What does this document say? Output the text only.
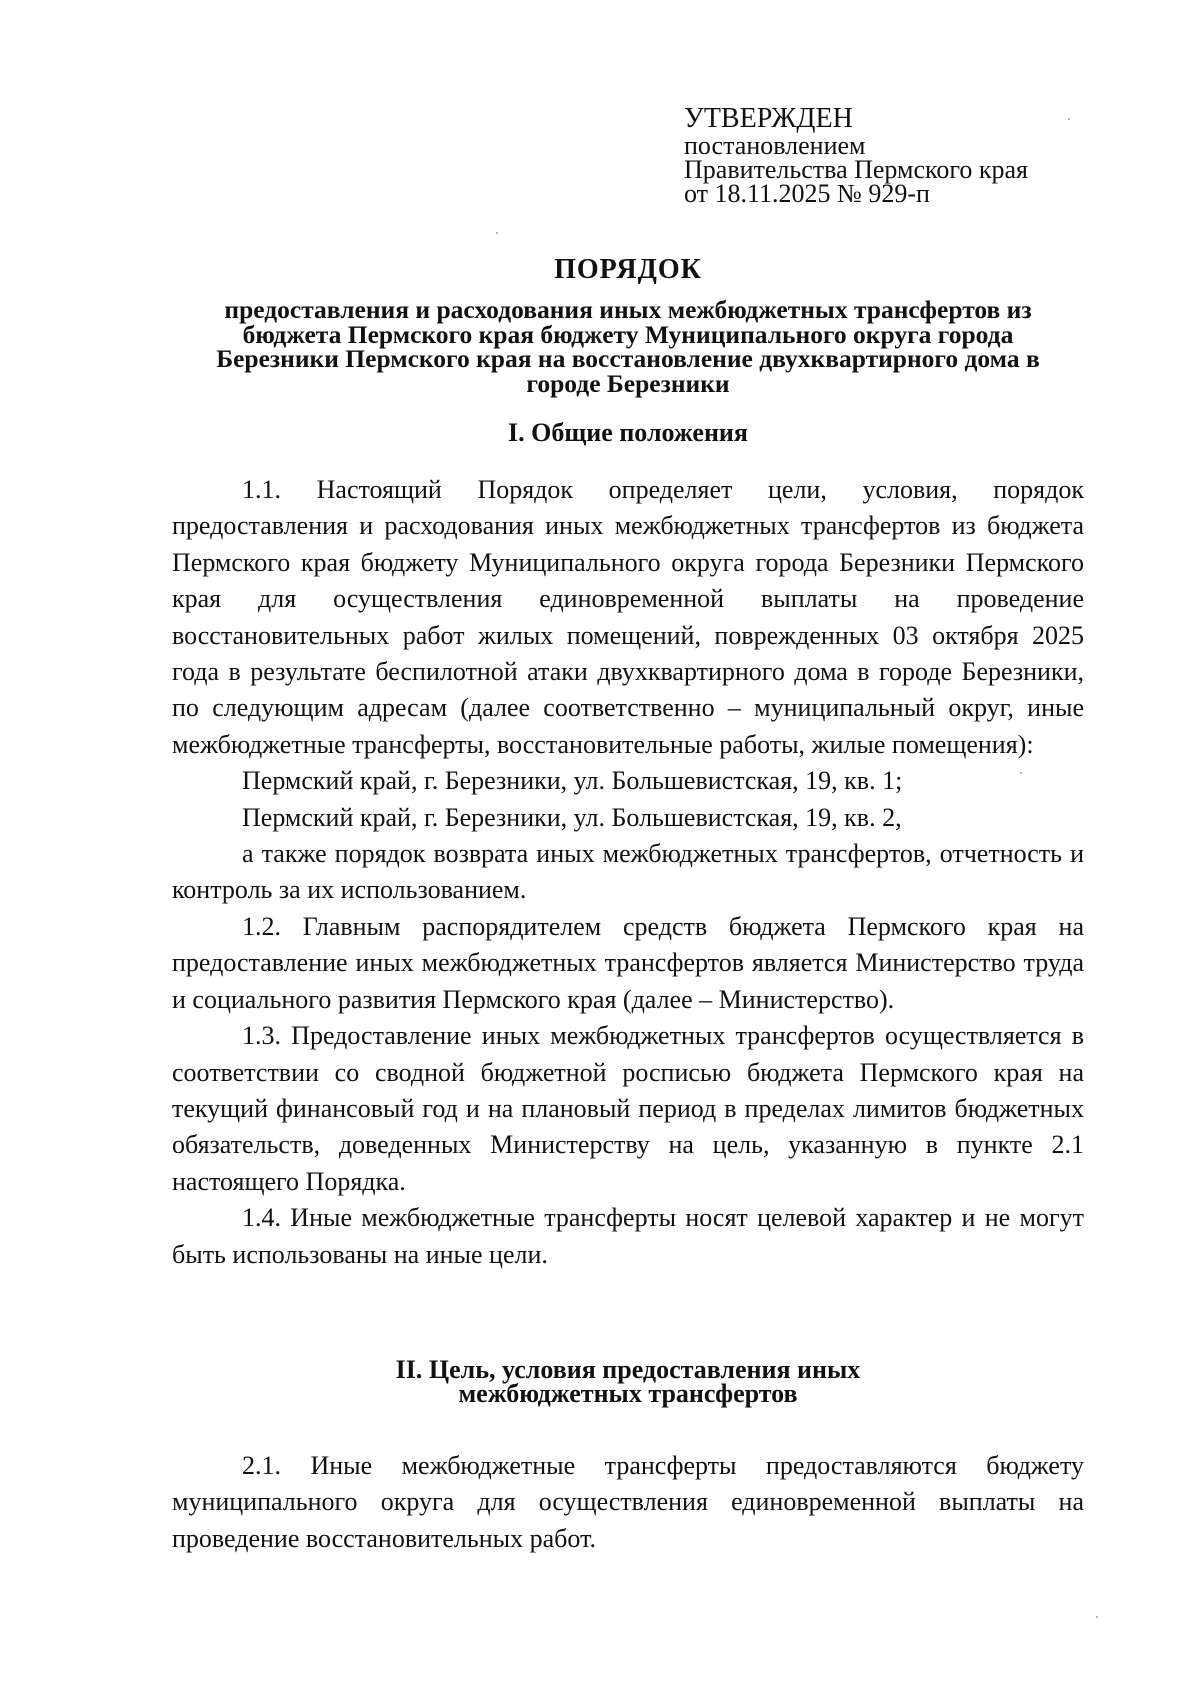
УТВЕРЖДЕН
постановлением
Правительства Пермского края
от 18.11.2025 № 929-п
ПОРЯДОК
предоставления и расходования иных межбюджетных трансфертов из бюджета Пермского края бюджету Муниципального округа города Березники Пермского края на восстановление двухквартирного дома в городе Березники
I. Общие положения

1.1. Настоящий Порядок определяет цели, условия, порядок предоставления и расходования иных межбюджетных трансфертов из бюджета Пермского края бюджету Муниципального округа города Березники Пермского края для осуществления единовременной выплаты на проведение восстановительных работ жилых помещений, поврежденных 03 октября 2025 года в результате беспилотной атаки двухквартирного дома в городе Березники, по следующим адресам (далее соответственно – муниципальный округ, иные межбюджетные трансферты, восстановительные работы, жилые помещения):

Пермский край, г. Березники, ул. Большевистская, 19, кв. 1;

Пермский край, г. Березники, ул. Большевистская, 19, кв. 2,

а также порядок возврата иных межбюджетных трансфертов, отчетность и контроль за их использованием.

1.2. Главным распорядителем средств бюджета Пермского края на предоставление иных межбюджетных трансфертов является Министерство труда и социального развития Пермского края (далее – Министерство).

1.3. Предоставление иных межбюджетных трансфертов осуществляется в соответствии со сводной бюджетной росписью бюджета Пермского края на текущий финансовый год и на плановый период в пределах лимитов бюджетных обязательств, доведенных Министерству на цель, указанную в пункте 2.1 настоящего Порядка.

1.4. Иные межбюджетные трансферты носят целевой характер и не могут быть использованы на иные цели.

II. Цель, условия предоставления иных
межбюджетных трансфертов

2.1. Иные межбюджетные трансферты предоставляются бюджету муниципального округа для осуществления единовременной выплаты на проведение восстановительных работ.
